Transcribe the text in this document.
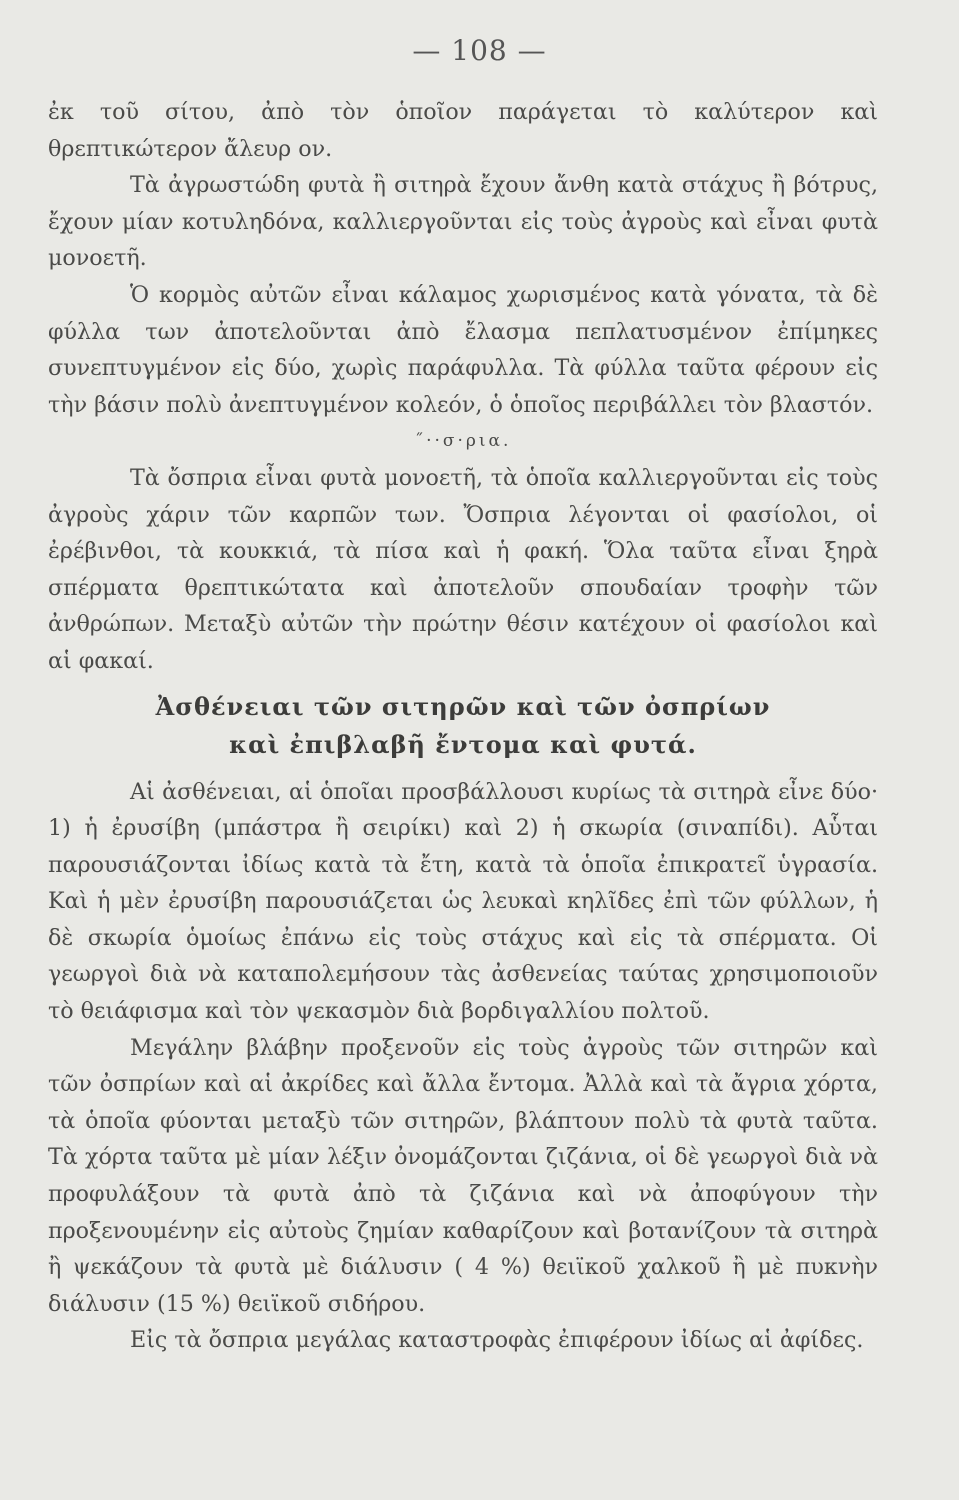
— 108 —

ἐκ τοῦ σίτου, ἀπὸ τὸν ὁποῖον παράγεται τὸ καλύτερον καὶ θρεπτικώτερον ἄλευρ ον.

Τὰ ἀγρωστώδη φυτὰ ἢ σιτηρὰ ἔχουν ἄνθη κατὰ στάχυς ἢ βότρυς, ἔχουν μίαν κοτυληδόνα, καλλιεργοῦνται εἰς τοὺς ἀγροὺς καὶ εἶναι φυτὰ μονοετῆ.

Ὁ κορμὸς αὐτῶν εἶναι κάλαμος χωρισμένος κατὰ γόνατα, τὰ δὲ φύλλα των ἀποτελοῦνται ἀπὸ ἔλασμα πεπλατυσμένον ἐπίμηκες συνεπτυγμένον εἰς δύο, χωρὶς παράφυλλα. Τὰ φύλλα ταῦτα φέρουν εἰς τὴν βάσιν πολὺ ἀνεπτυγμένον κολεόν, ὁ ὁποῖος περιβάλλει τὸν βλαστόν.

˝··σ·ρια.

Τὰ ὄσπρια εἶναι φυτὰ μονοετῆ, τὰ ὁποῖα καλλιεργοῦνται εἰς τοὺς ἀγροὺς χάριν τῶν καρπῶν των. Ὄσπρια λέγονται οἱ φασίολοι, οἱ ἐρέβινθοι, τὰ κουκκιά, τὰ πίσα καὶ ἡ φακή. Ὅλα ταῦτα εἶναι ξηρὰ σπέρματα θρεπτικώτατα καὶ ἀποτελοῦν σπουδαίαν τροφὴν τῶν ἀνθρώπων. Μεταξὺ αὐτῶν τὴν πρώτην θέσιν κατέχουν οἱ φασίολοι καὶ αἱ φακαί.

Ἀσθένειαι τῶν σιτηρῶν καὶ τῶν ὀσπρίων
καὶ ἐπιβλαβῆ ἔντομα καὶ φυτά.

Αἱ ἀσθένειαι, αἱ ὁποῖαι προσβάλλουσι κυρίως τὰ σιτηρὰ εἶνε δύο· 1) ἡ ἐρυσίβη (μπάστρα ἢ σειρίκι) καὶ 2) ἡ σκωρία (σιναπίδι). Αὗται παρουσιάζονται ἰδίως κατὰ τὰ ἔτη, κατὰ τὰ ὁποῖα ἐπικρατεῖ ὑγρασία. Καὶ ἡ μὲν ἐρυσίβη παρουσιάζεται ὡς λευκαὶ κηλῖδες ἐπὶ τῶν φύλλων, ἡ δὲ σκωρία ὁμοίως ἐπάνω εἰς τοὺς στάχυς καὶ εἰς τὰ σπέρματα. Οἱ γεωργοὶ διὰ νὰ καταπολεμήσουν τὰς ἀσθενείας ταύτας χρησιμοποιοῦν τὸ θειάφισμα καὶ τὸν ψεκασμὸν διὰ βορδιγαλλίου πολτοῦ.

Μεγάλην βλάβην προξενοῦν εἰς τοὺς ἀγροὺς τῶν σιτηρῶν καὶ τῶν ὀσπρίων καὶ αἱ ἀκρίδες καὶ ἄλλα ἔντομα. Ἀλλὰ καὶ τὰ ἄγρια χόρτα, τὰ ὁποῖα φύονται μεταξὺ τῶν σιτηρῶν, βλάπτουν πολὺ τὰ φυτὰ ταῦτα. Τὰ χόρτα ταῦτα μὲ μίαν λέξιν ὀνομάζονται ζιζάνια, οἱ δὲ γεωργοὶ διὰ νὰ προφυλάξουν τὰ φυτὰ ἀπὸ τὰ ζιζάνια καὶ νὰ ἀποφύγουν τὴν προξενουμένην εἰς αὐτοὺς ζημίαν καθαρίζουν καὶ βοτανίζουν τὰ σιτηρὰ ἢ ψεκάζουν τὰ φυτὰ μὲ διάλυσιν ( 4 %) θειϊκοῦ χαλκοῦ ἢ μὲ πυκνὴν διάλυσιν (15 %) θειϊκοῦ σιδήρου.

Εἰς τὰ ὄσπρια μεγάλας καταστροφὰς ἐπιφέρουν ἰδίως αἱ ἀφίδες.
